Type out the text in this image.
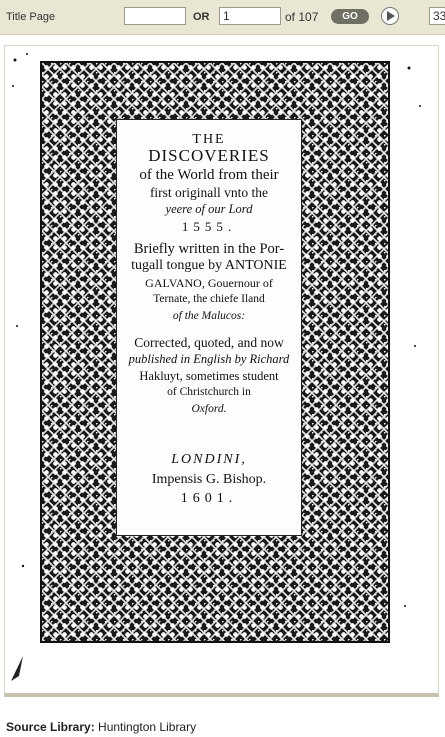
Title Page	OR
1	of 107	GO
33
THE
DISCOVERIES
of the World from their
first originall vnto the
yeere of our Lord
1555.
Briefly written in the Por-
tugall tongue by ANTONIE
GALVANO, Gouernour of
Ternate, the chiefe Iland
of the Malucos:
Corrected, quoted, and now
published in English by Richard
Hakluyt, sometimes student
of Christchurch in
Oxford.
LONDINI,
Impensis G. Bishop.
1601.
Source Library: Huntington Library
